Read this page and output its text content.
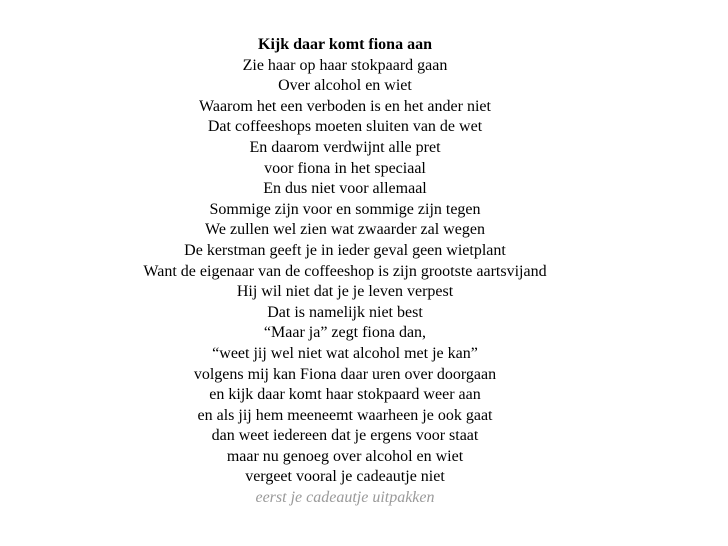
Kijk daar komt fiona aan
Zie haar op haar stokpaard gaan
Over alcohol en wiet
Waarom het een verboden is en het ander niet
Dat coffeeshops moeten sluiten van de wet
En daarom verdwijnt alle pret
voor fiona in het speciaal
En dus niet voor allemaal
Sommige zijn voor en sommige zijn tegen
We zullen wel zien wat zwaarder zal wegen
De kerstman geeft je in ieder geval geen wietplant
Want de eigenaar van de coffeeshop is zijn grootste aartsvijand
Hij wil niet dat je je leven verpest
Dat is namelijk niet best
“Maar ja” zegt fiona dan,
“weet jij wel niet wat alcohol met je kan”
volgens mij kan Fiona daar uren over doorgaan
en kijk daar komt haar stokpaard weer aan
en als jij hem meeneemt waarheen je ook gaat
dan weet iedereen dat je ergens voor staat
maar nu genoeg over alcohol en wiet
vergeet vooral je cadeautje niet
eerst je cadeautje uitpakken
